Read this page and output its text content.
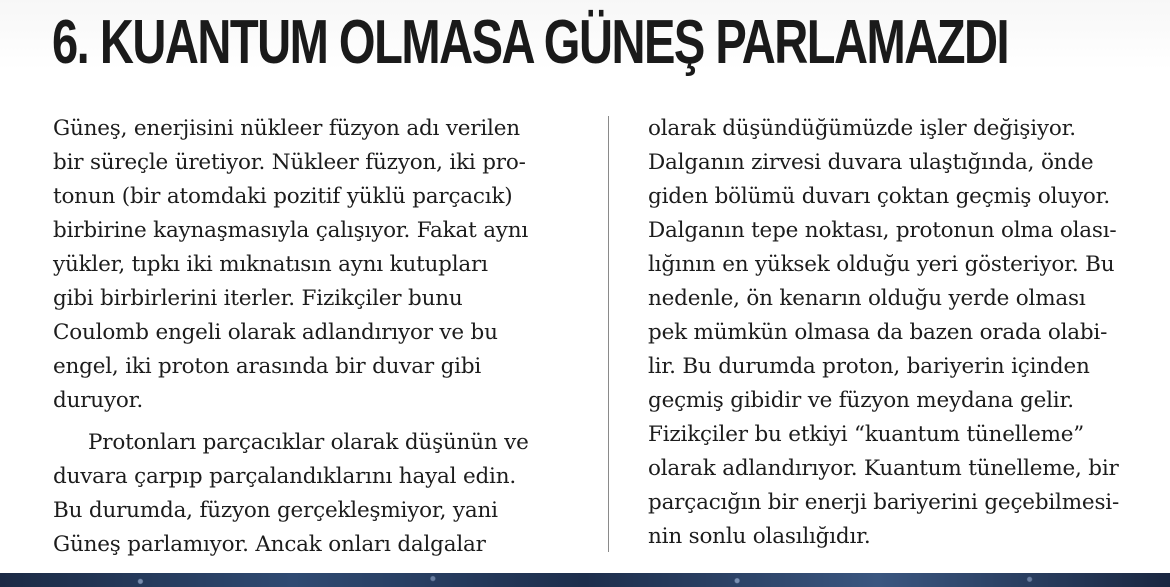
6. KUANTUM OLMASA GÜNEŞ PARLAMAZDI
Güneş, enerjisini nükleer füzyon adı verilen
bir süreçle üretiyor. Nükleer füzyon, iki pro-
tonun (bir atomdaki pozitif yüklü parçacık)
birbirine kaynaşmasıyla çalışıyor. Fakat aynı
yükler, tıpkı iki mıknatısın aynı kutupları
gibi birbirlerini iterler. Fizikçiler bunu
Coulomb engeli olarak adlandırıyor ve bu
engel, iki proton arasında bir duvar gibi
duruyor.
Protonları parçacıklar olarak düşünün ve
duvara çarpıp parçalandıklarını hayal edin.
Bu durumda, füzyon gerçekleşmiyor, yani
Güneş parlamıyor. Ancak onları dalgalar
olarak düşündüğümüzde işler değişiyor.
Dalganın zirvesi duvara ulaştığında, önde
giden bölümü duvarı çoktan geçmiş oluyor.
Dalganın tepe noktası, protonun olma olası-
lığının en yüksek olduğu yeri gösteriyor. Bu
nedenle, ön kenarın olduğu yerde olması
pek mümkün olmasa da bazen orada olabi-
lir. Bu durumda proton, bariyerin içinden
geçmiş gibidir ve füzyon meydana gelir.
Fizikçiler bu etkiyi “kuantum tünelleme”
olarak adlandırıyor. Kuantum tünelleme, bir
parçacığın bir enerji bariyerini geçebilmesi-
nin sonlu olasılığıdır.
